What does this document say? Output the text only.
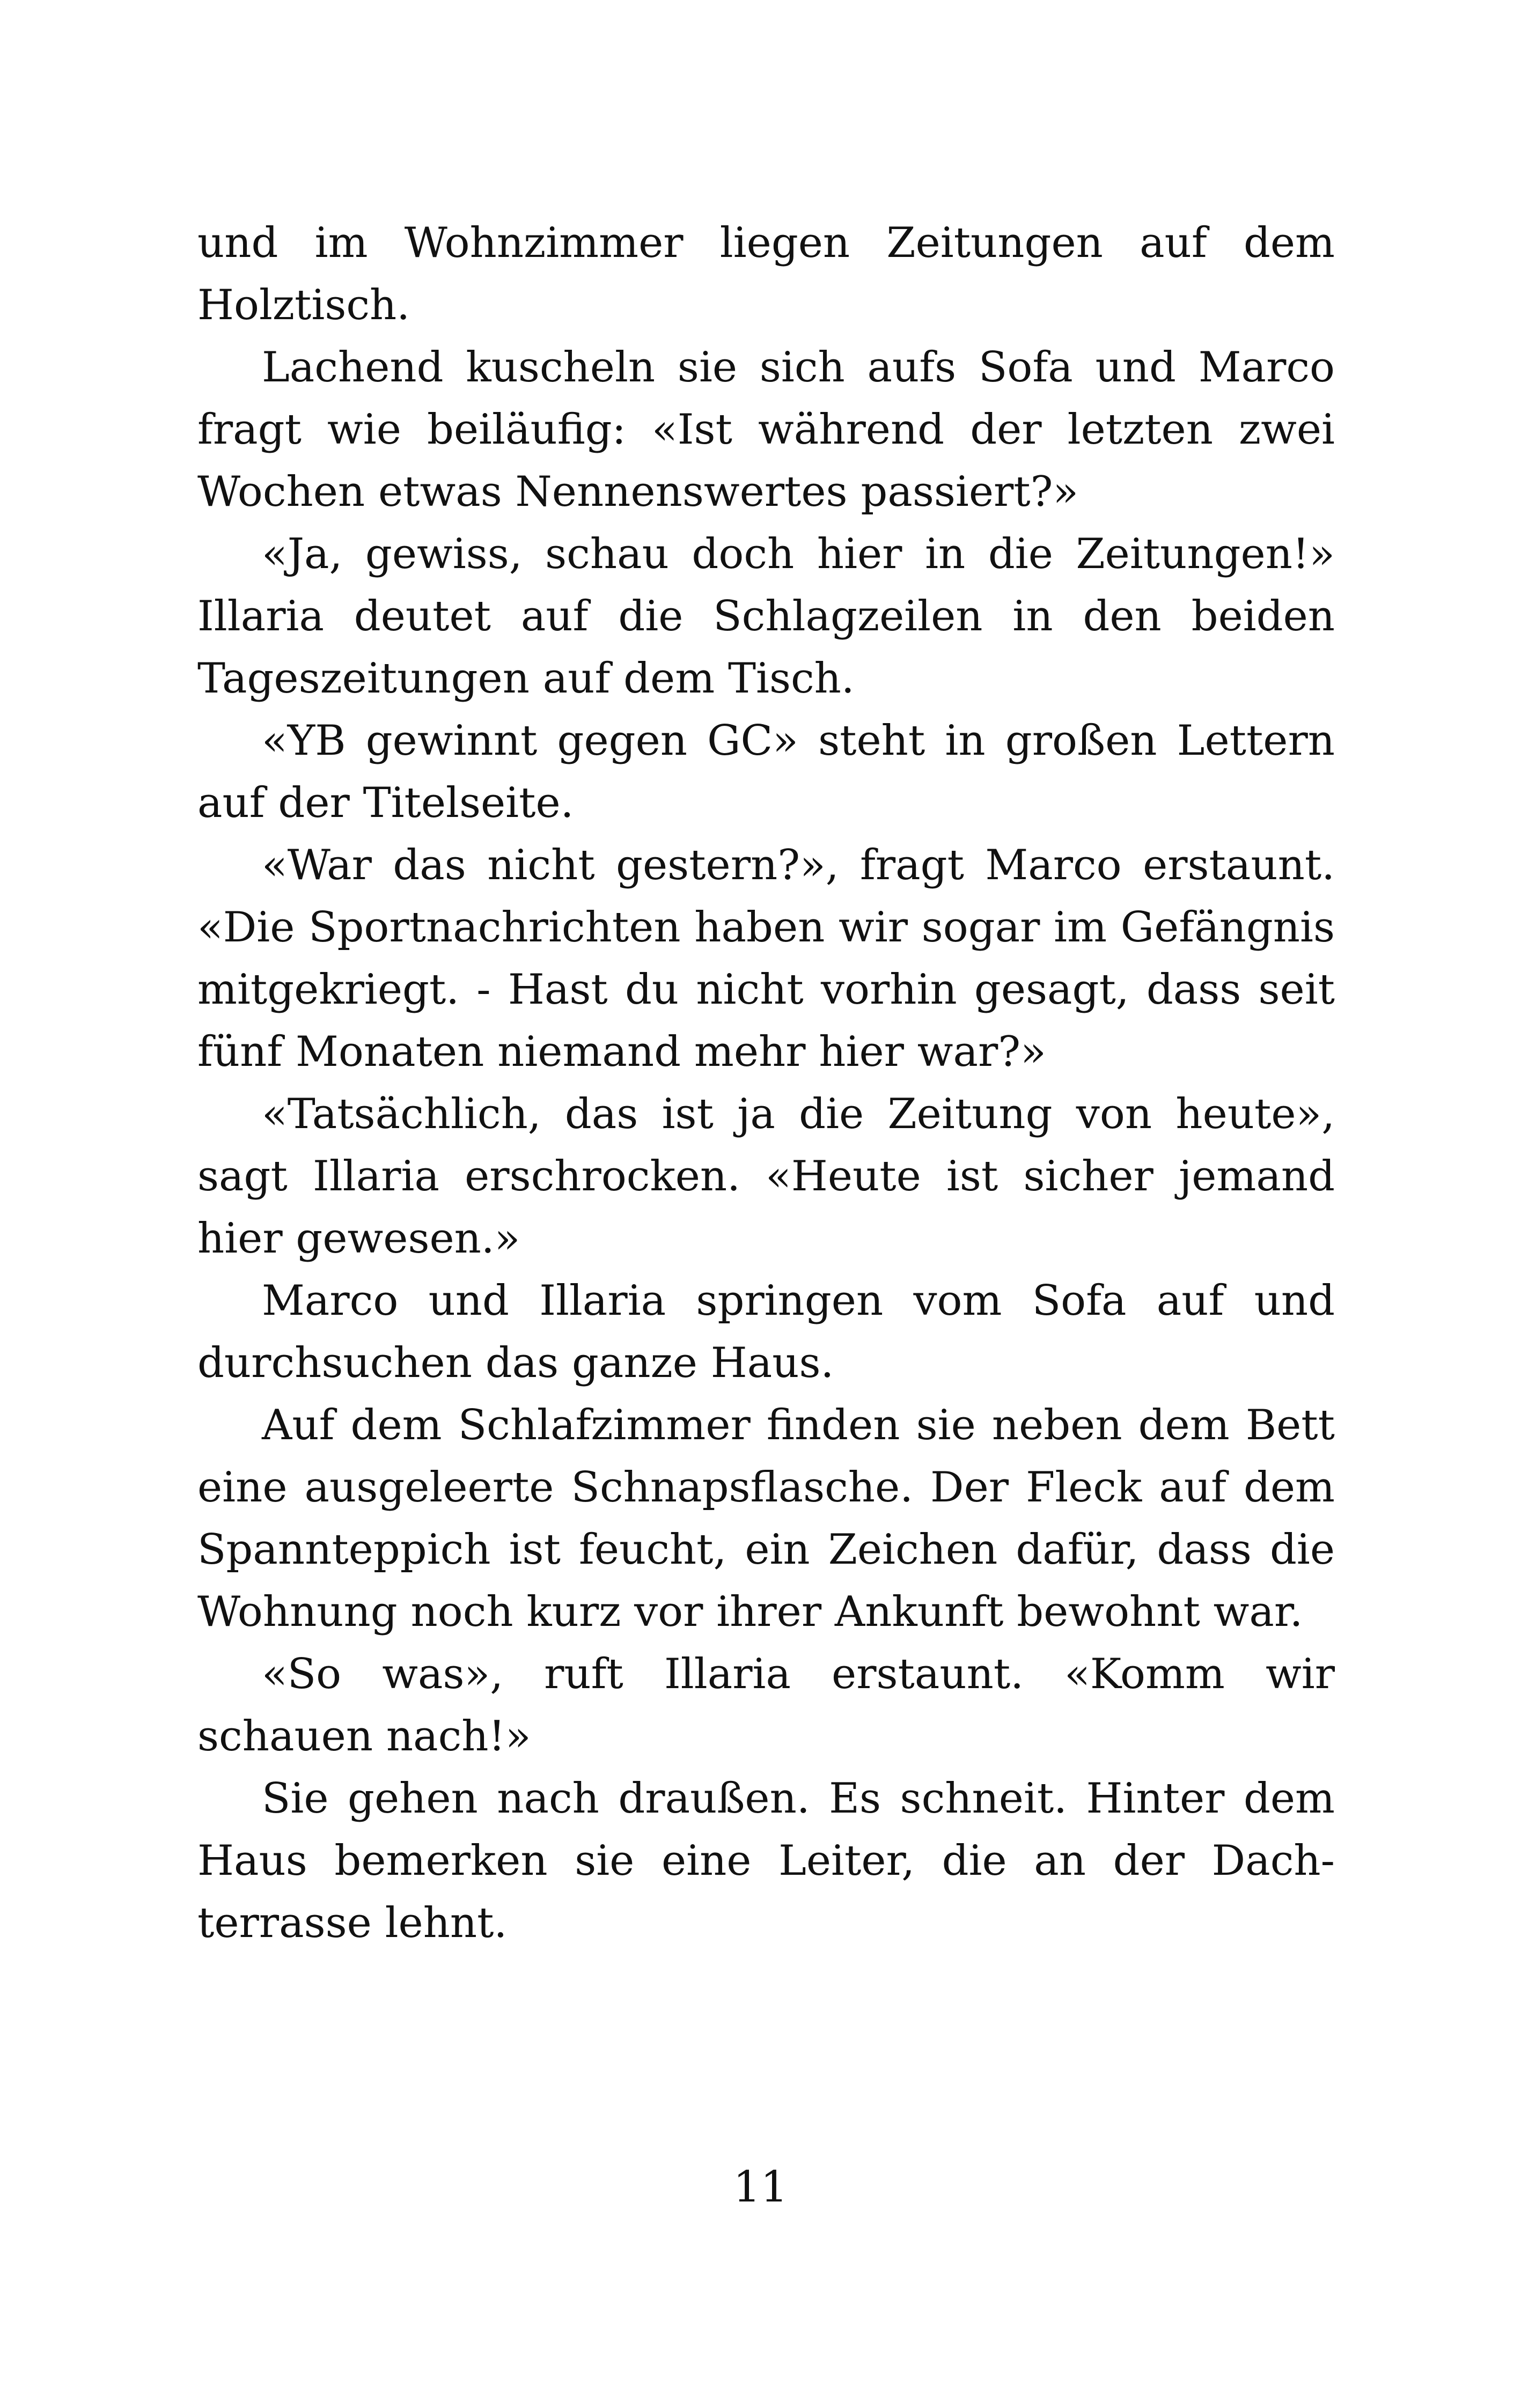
und im Wohnzimmer liegen Zeitungen auf dem Holztisch.

Lachend kuscheln sie sich aufs Sofa und Marco fragt wie beiläufig: «Ist während der letzten zwei Wochen etwas Nennenswertes passiert?»

«Ja, gewiss, schau doch hier in die Zeitungen!» Illaria deutet auf die Schlagzeilen in den beiden Tageszeitungen auf dem Tisch.

«YB gewinnt gegen GC» steht in großen Lettern auf der Titelseite.

«War das nicht gestern?», fragt Marco erstaunt. «Die Sportnachrichten haben wir sogar im Gefängnis mitgekriegt. - Hast du nicht vorhin gesagt, dass seit fünf Monaten niemand mehr hier war?»

«Tatsächlich, das ist ja die Zeitung von heute», sagt Illaria erschrocken. «Heute ist sicher jemand hier gewesen.»

Marco und Illaria springen vom Sofa auf und durchsuchen das ganze Haus.

Auf dem Schlafzimmer finden sie neben dem Bett eine ausgeleerte Schnapsflasche. Der Fleck auf dem Spannteppich ist feucht, ein Zeichen dafür, dass die Wohnung noch kurz vor ihrer Ankunft bewohnt war.

«So was», ruft Illaria erstaunt. «Komm wir schauen nach!»

Sie gehen nach draußen. Es schneit. Hinter dem Haus bemerken sie eine Leiter, die an der Dachterrasse lehnt.

11
